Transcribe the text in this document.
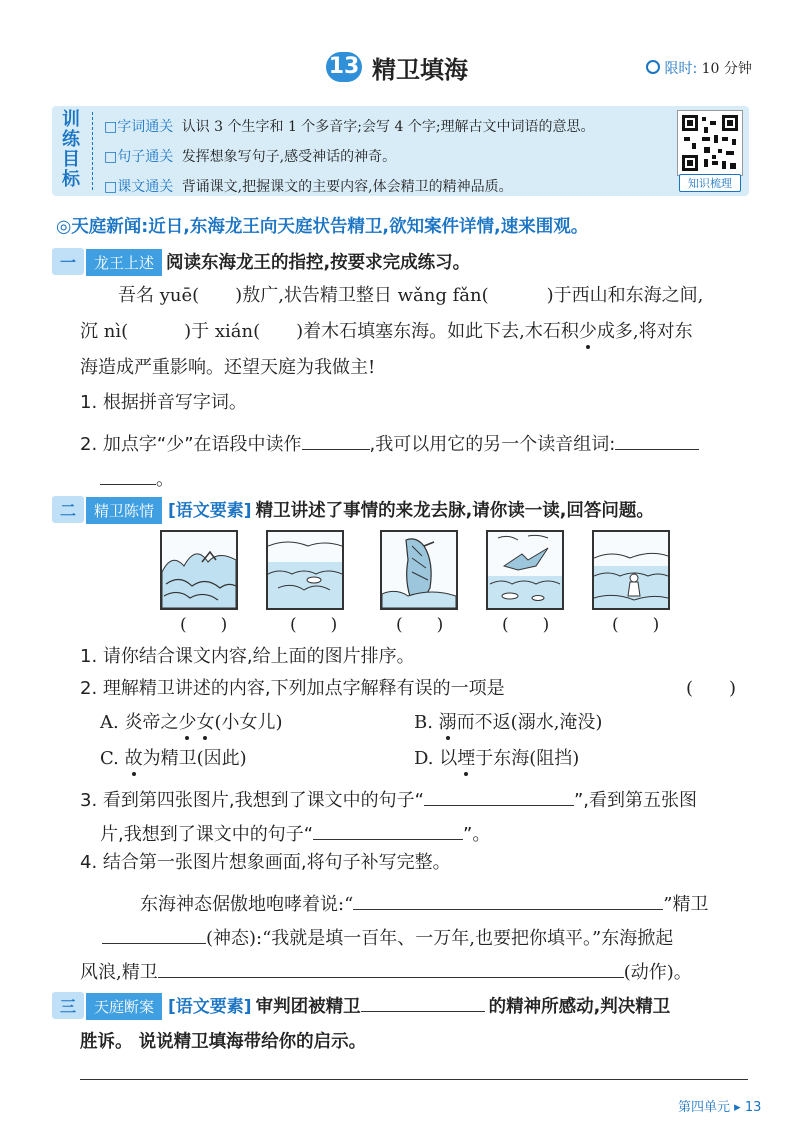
13 精卫填海	限时: 10 分钟
训
练
目
标
□字词通关 认识 3 个生字和 1 个多音字;会写 4 个字;理解古文中词语的意思。
□句子通关 发挥想象写句子,感受神话的神奇。
□课文通关 背诵课文,把握课文的主要内容,体会精卫的精神品质。	知识梳理
◎天庭新闻:近日,东海龙王向天庭状告精卫,欲知案件详情,速来围观。
一 龙王上述 阅读东海龙王的指控,按要求完成练习。
吾名 yuē( )敖广,状告精卫整日 wǎng fǎn(	)于西山和东海之间,
沉 nì(	)于 xián( )着木石填塞东海。如此下去,木石积少成多,将对东
海造成严重影响。还望天庭为我做主!
1. 根据拼音写字词。
2. 加点字“少”在语段中读作	,我可以用它的另一个读音组词:
。
二 精卫陈情 [语文要素] 精卫讲述了事情的来龙去脉,请你读一读,回答问题。
(　　)	(　　)	(　　)	(　　)	(　　)
1. 请你结合课文内容,给上面的图片排序。
2. 理解精卫讲述的内容,下列加点字解释有误的一项是	(　　)
A. 炎帝之少女(小女儿)	B. 溺而不返(溺水,淹没)
C. 故为精卫(因此)	D. 以堙于东海(阻挡)
3. 看到第四张图片,我想到了课文中的句子“	”,看到第五张图
片,我想到了课文中的句子“	”。
4. 结合第一张图片想象画面,将句子补写完整。
东海神态倨傲地咆哮着说:“	”精卫
(神态):“我就是填一百年、一万年,也要把你填平。”东海掀起
风浪,精卫	(动作)。
三 天庭断案 [语文要素] 审判团被精卫	的精神所感动,判决精卫
胜诉。 说说精卫填海带给你的启示。
第四单元 ▸ 13
